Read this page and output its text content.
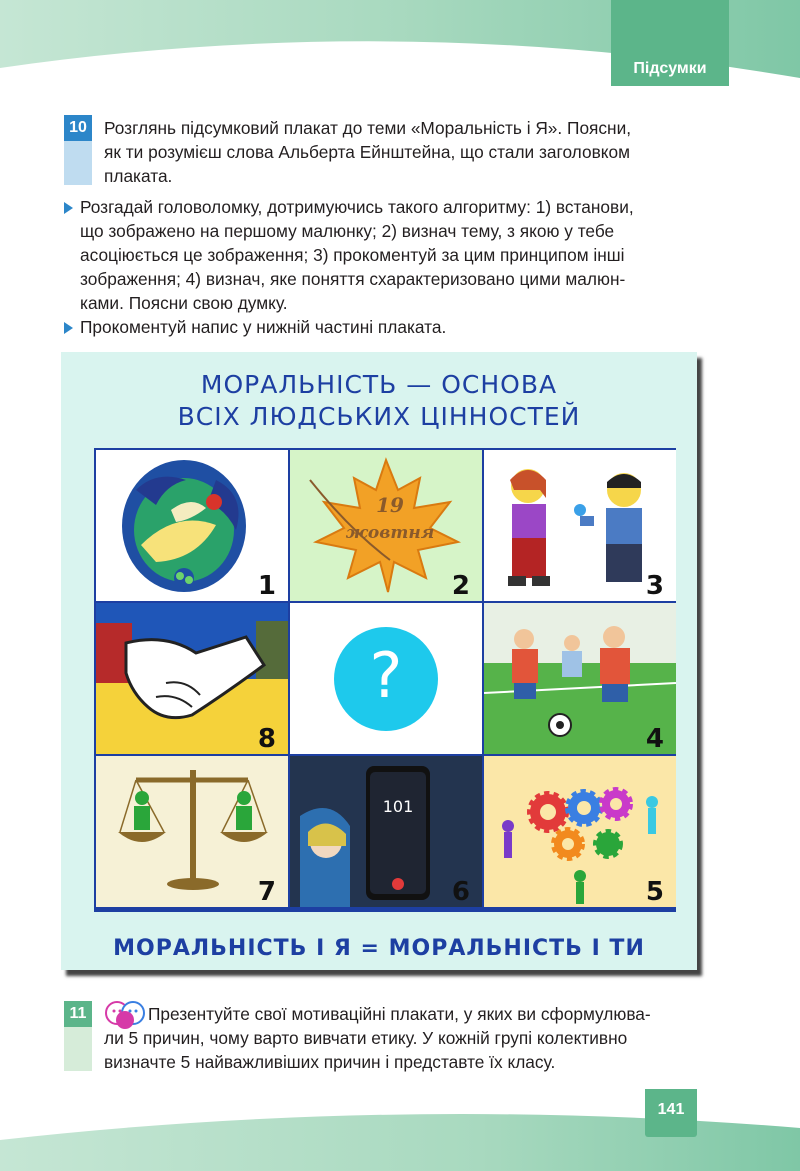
Підсумки
10 Розглянь підсумковий плакат до теми «Моральність і Я». Поясни,
як ти розумієш слова Альберта Ейнштейна, що стали заголовком
плаката.
Розгадай головоломку, дотримуючись такого алгоритму: 1) встанови,
що зображено на першому малюнку; 2) визнач тему, з якою у тебе
асоціюється це зображення; 3) прокоментуй за цим принципом інші
зображення; 4) визнач, яке поняття схарактеризовано цими малюн-
ками. Поясни свою думку.
Прокоментуй напис у нижній частині плаката.
МОРАЛЬНІСТЬ — ОСНОВА
ВСІХ ЛЮДСЬКИХ ЦІННОСТЕЙ
1
19
жовтня
2	3
8
?
4
7
101
6	5
МОРАЛЬНІСТЬ І Я = МОРАЛЬНІСТЬ І ТИ
11	Презентуйте свої мотиваційні плакати, у яких ви сформулюва-
ли 5 причин, чому варто вивчати етику. У кожній групі колективно
визначте 5 найважливіших причин і представте їх класу.
141
